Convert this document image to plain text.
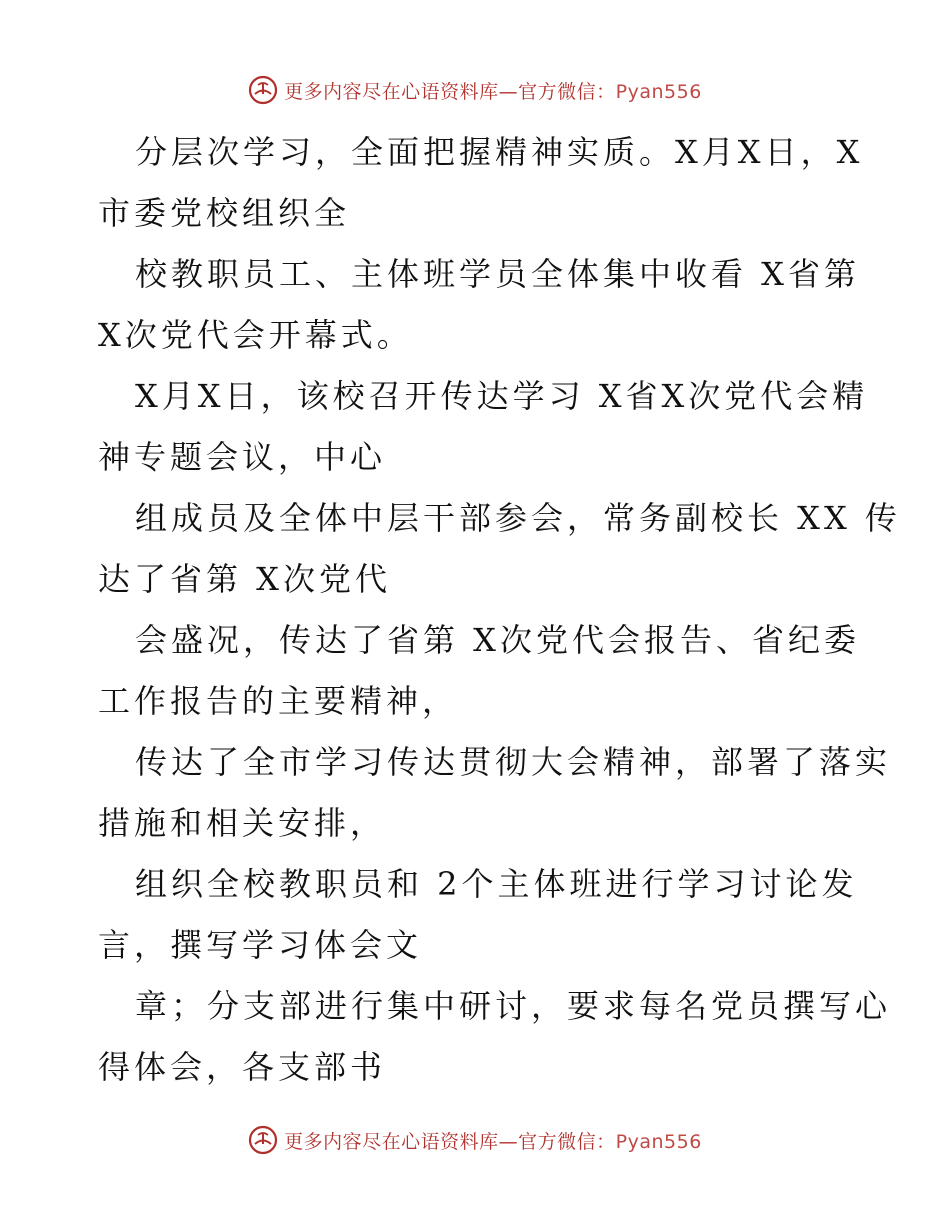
更多内容尽在心语资料库—官方微信：Pyan556
分层次学习，全面把握精神实质。X月X日，X
市委党校组织全
校教职员工、主体班学员全体集中收看 X省第
X次党代会开幕式。
X月X日，该校召开传达学习 X省X次党代会精
神专题会议，中心
组成员及全体中层干部参会，常务副校长 XX 传
达了省第 X次党代
会盛况，传达了省第 X次党代会报告、省纪委
工作报告的主要精神，
传达了全市学习传达贯彻大会精神，部署了落实
措施和相关安排，
组织全校教职员和 2个主体班进行学习讨论发
言，撰写学习体会文
章；分支部进行集中研讨，要求每名党员撰写心
得体会，各支部书
更多内容尽在心语资料库—官方微信：Pyan556
